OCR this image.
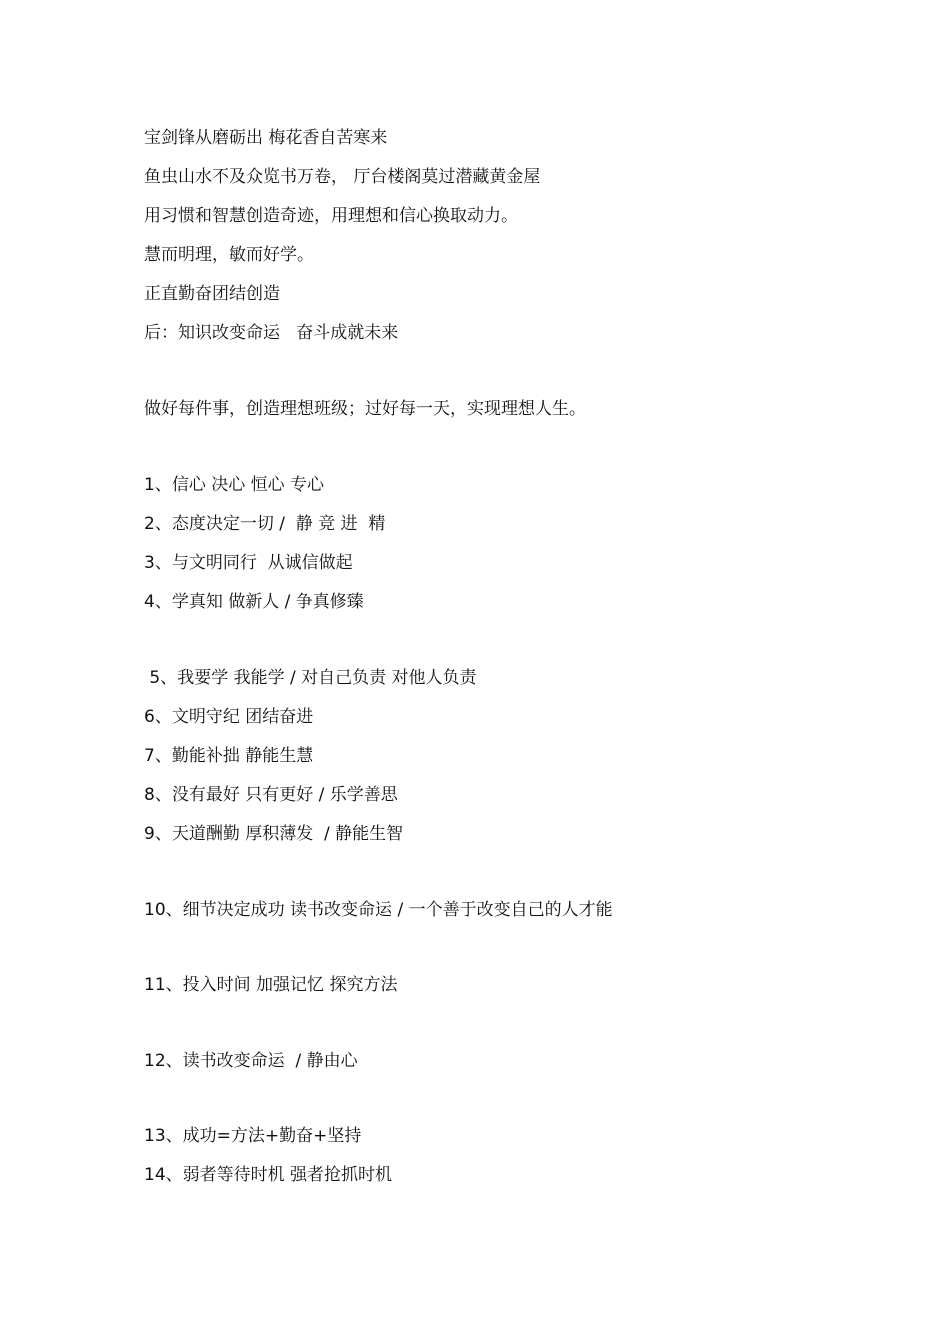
宝剑锋从磨砺出 梅花香自苦寒来
鱼虫山水不及众览书万卷， 厅台楼阁莫过潜藏黄金屋
用习惯和智慧创造奇迹，用理想和信心换取动力。
慧而明理，敏而好学。
正直勤奋团结创造
后：知识改变命运   奋斗成就未来
做好每件事，创造理想班级；过好每一天，实现理想人生。
1、信心 决心 恒心 专心
2、态度决定一切 /  静 竞 进  精
3、与文明同行  从诚信做起
4、学真知 做新人 / 争真修臻
5、我要学 我能学 / 对自己负责 对他人负责
6、文明守纪 团结奋进
7、勤能补拙 静能生慧
8、没有最好 只有更好 / 乐学善思
9、天道酬勤 厚积薄发  / 静能生智
10、细节决定成功 读书改变命运 / 一个善于改变自己的人才能
11、投入时间 加强记忆 探究方法
12、读书改变命运  / 静由心
13、成功=方法+勤奋+坚持
14、弱者等待时机 强者抢抓时机
